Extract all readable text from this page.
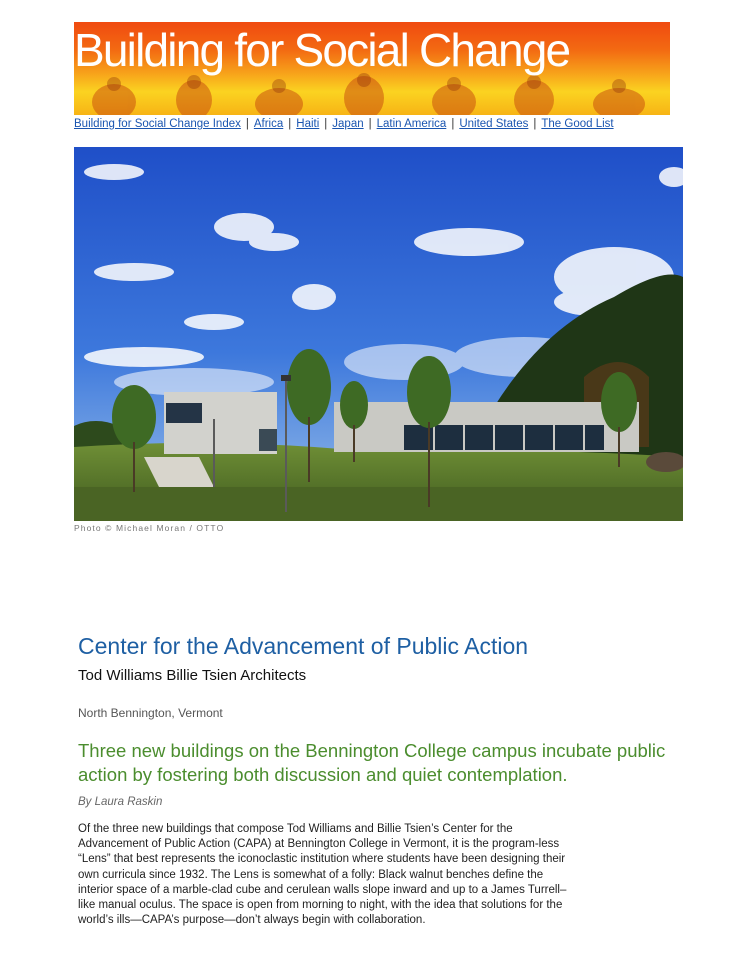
Building for Social Change
Building for Social Change Index | Africa | Haiti | Japan | Latin America | United States | The Good List
Photo © Michael Moran / OTTO
Center for the Advancement of Public Action
Tod Williams Billie Tsien Architects
North Bennington, Vermont
Three new buildings on the Bennington College campus incubate public action by fostering both discussion and quiet contemplation.
By Laura Raskin
Of the three new buildings that compose Tod Williams and Billie Tsien’s Center for the Advancement of Public Action (CAPA) at Bennington College in Vermont, it is the program-less “Lens” that best represents the iconoclastic institution where students have been designing their own curricula since 1932. The Lens is somewhat of a folly: Black walnut benches define the interior space of a marble-clad cube and cerulean walls slope inward and up to a James Turrell–like manual oculus. The space is open from morning to night, with the idea that solutions for the world’s ills—CAPA’s purpose—don’t always begin with collaboration.
